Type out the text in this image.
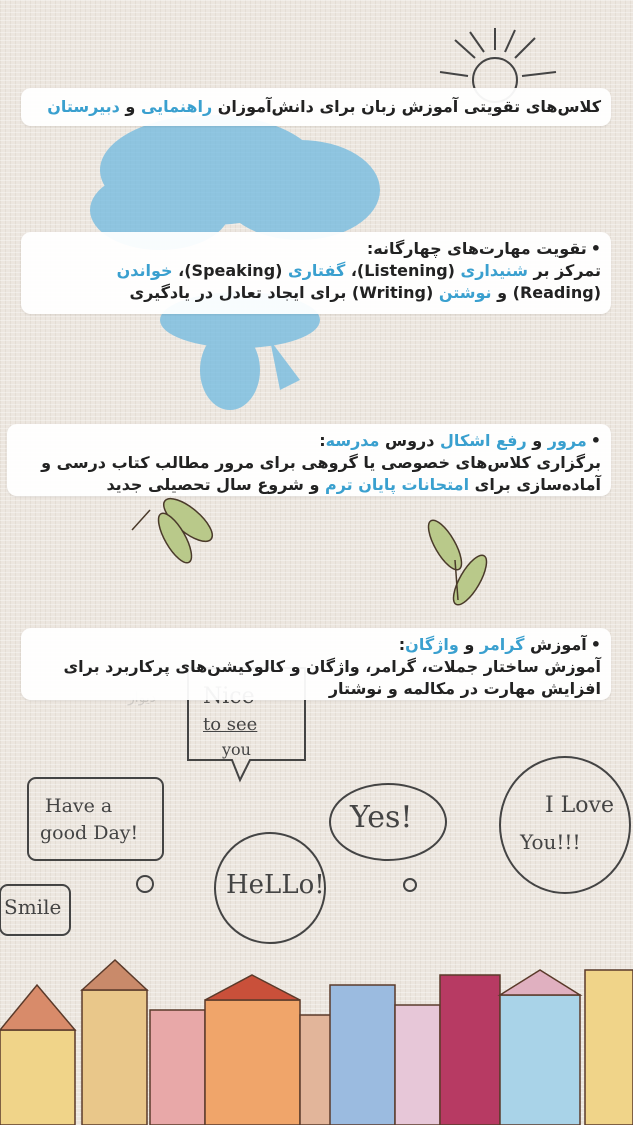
to see
you
Have a
good Day!	Yes!	I Love
You!!!
HeLLo!
Smile
کلاس‌های تقویتی آموزش زبان برای دانش‌آموزان راهنمایی و دبیرستان
•تقویت مهارت‌های چهارگانه:
تمرکز بر شنیداری (Listening)، گفتاری (Speaking)، خواندن
(Reading) و نوشتن (Writing) برای ایجاد تعادل در یادگیری
•مرور و رفع اشکال دروس مدرسه:
برگزاری کلاس‌های خصوصی یا گروهی برای مرور مطالب کتاب درسی و
آماده‌سازی برای امتحانات پایان ترم و شروع سال تحصیلی جدید
•آموزش گرامر و واژگان:
آموزش ساختار جملات، گرامر، واژگان و کالوکیشن‌های پرکاربرد برای
افزایش مهارت در مکالمه و نوشتار
